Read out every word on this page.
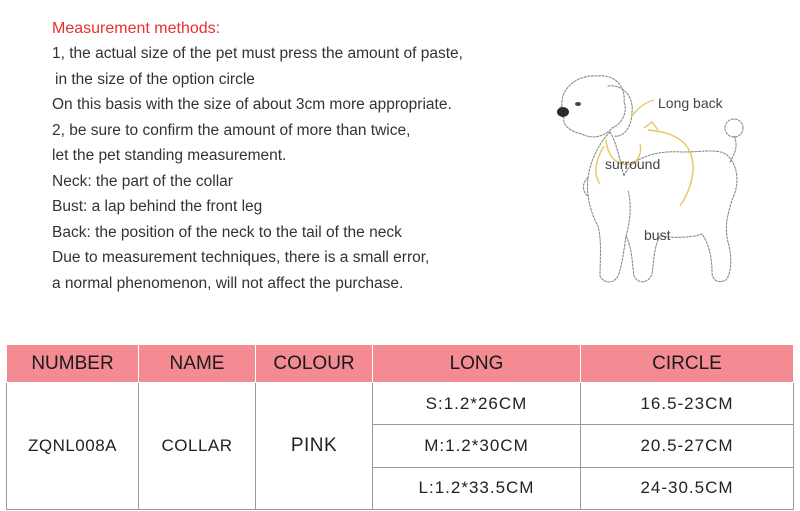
Measurement methods:

1, the actual size of the pet must press the amount of paste,

in the size of the option circle

On this basis with the size of about 3cm more appropriate.

2, be sure to confirm the amount of more than twice,

let the pet standing measurement.

Neck: the part of the collar

Bust: a lap behind the front leg

Back: the position of the neck to the tail of the neck

Due to measurement techniques, there is a small error,

a normal phenomenon, will not affect the purchase.

Long back
surround
bust
NUMBER	NAME	COLOUR	LONG	CIRCLE
ZQNL008A	COLLAR	PINK	S:1.2*26CM	16.5-23CM
			M:1.2*30CM	20.5-27CM
			L:1.2*33.5CM	24-30.5CM
